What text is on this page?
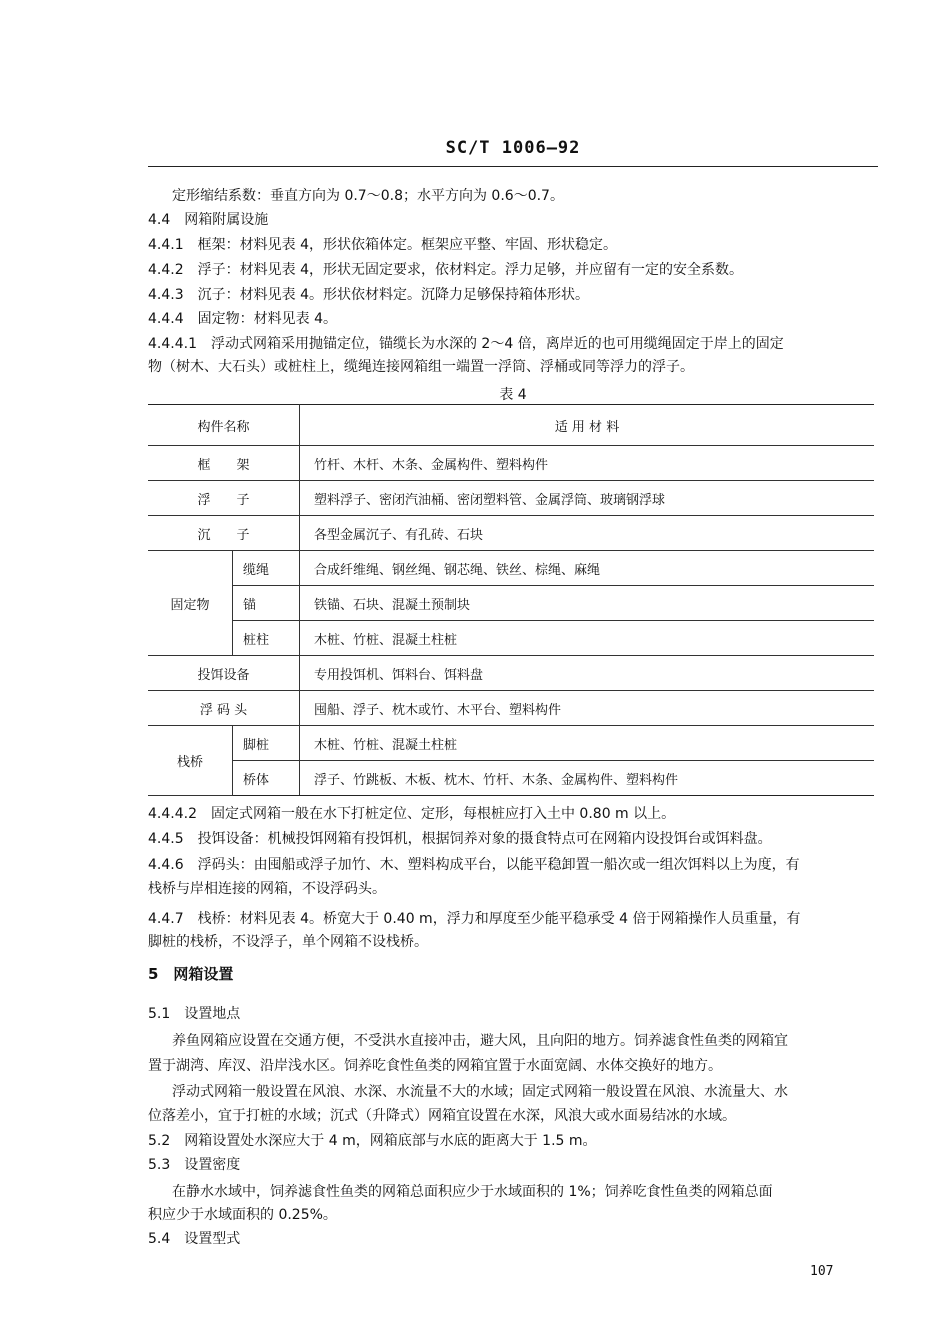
SC/T 1006—92
定形缩结系数：垂直方向为 0.7～0.8；水平方向为 0.6～0.7。
4.4　网箱附属设施
4.4.1　框架：材料见表 4，形状依箱体定。框架应平整、牢固、形状稳定。
4.4.2　浮子：材料见表 4，形状无固定要求，依材料定。浮力足够，并应留有一定的安全系数。
4.4.3　沉子：材料见表 4。形状依材料定。沉降力足够保持箱体形状。
4.4.4　固定物：材料见表 4。
4.4.4.1　浮动式网箱采用抛锚定位，锚缆长为水深的 2～4 倍，离岸近的也可用缆绳固定于岸上的固定
物（树木、大石头）或桩柱上，缆绳连接网箱组一端置一浮筒、浮桶或同等浮力的浮子。
表 4
构件名称		适 用 材 料
框　　架		竹杆、木杆、木条、金属构件、塑料构件
浮　　子		塑料浮子、密闭汽油桶、密闭塑料管、金属浮筒、玻璃钢浮球
沉　　子		各型金属沉子、有孔砖、石块
固定物	缆绳	合成纤维绳、钢丝绳、钢芯绳、铁丝、棕绳、麻绳
	锚	铁锚、石块、混凝土预制块
	桩柱	木桩、竹桩、混凝土柱桩
投饵设备		专用投饵机、饵料台、饵料盘
浮 码 头		囤船、浮子、枕木或竹、木平台、塑料构件
栈桥	脚桩	木桩、竹桩、混凝土柱桩
	桥体	浮子、竹跳板、木板、枕木、竹杆、木条、金属构件、塑料构件
4.4.4.2　固定式网箱一般在水下打桩定位、定形，每根桩应打入土中 0.80 m 以上。
4.4.5　投饵设备：机械投饵网箱有投饵机，根据饲养对象的摄食特点可在网箱内设投饵台或饵料盘。
4.4.6　浮码头：由囤船或浮子加竹、木、塑料构成平台，以能平稳卸置一船次或一组次饵料以上为度，有
栈桥与岸相连接的网箱，不设浮码头。
4.4.7　栈桥：材料见表 4。桥宽大于 0.40 m，浮力和厚度至少能平稳承受 4 倍于网箱操作人员重量，有
脚桩的栈桥，不设浮子，单个网箱不设栈桥。
5　网箱设置
5.1　设置地点
养鱼网箱应设置在交通方便，不受洪水直接冲击，避大风，且向阳的地方。饲养滤食性鱼类的网箱宜
置于湖湾、库汊、沿岸浅水区。饲养吃食性鱼类的网箱宜置于水面宽阔、水体交换好的地方。
浮动式网箱一般设置在风浪、水深、水流量不大的水域；固定式网箱一般设置在风浪、水流量大、水
位落差小，宜于打桩的水域；沉式（升降式）网箱宜设置在水深，风浪大或水面易结冰的水域。
5.2　网箱设置处水深应大于 4 m，网箱底部与水底的距离大于 1.5 m。
5.3　设置密度
在静水水域中，饲养滤食性鱼类的网箱总面积应少于水域面积的 1%；饲养吃食性鱼类的网箱总面
积应少于水域面积的 0.25%。
5.4　设置型式
107
